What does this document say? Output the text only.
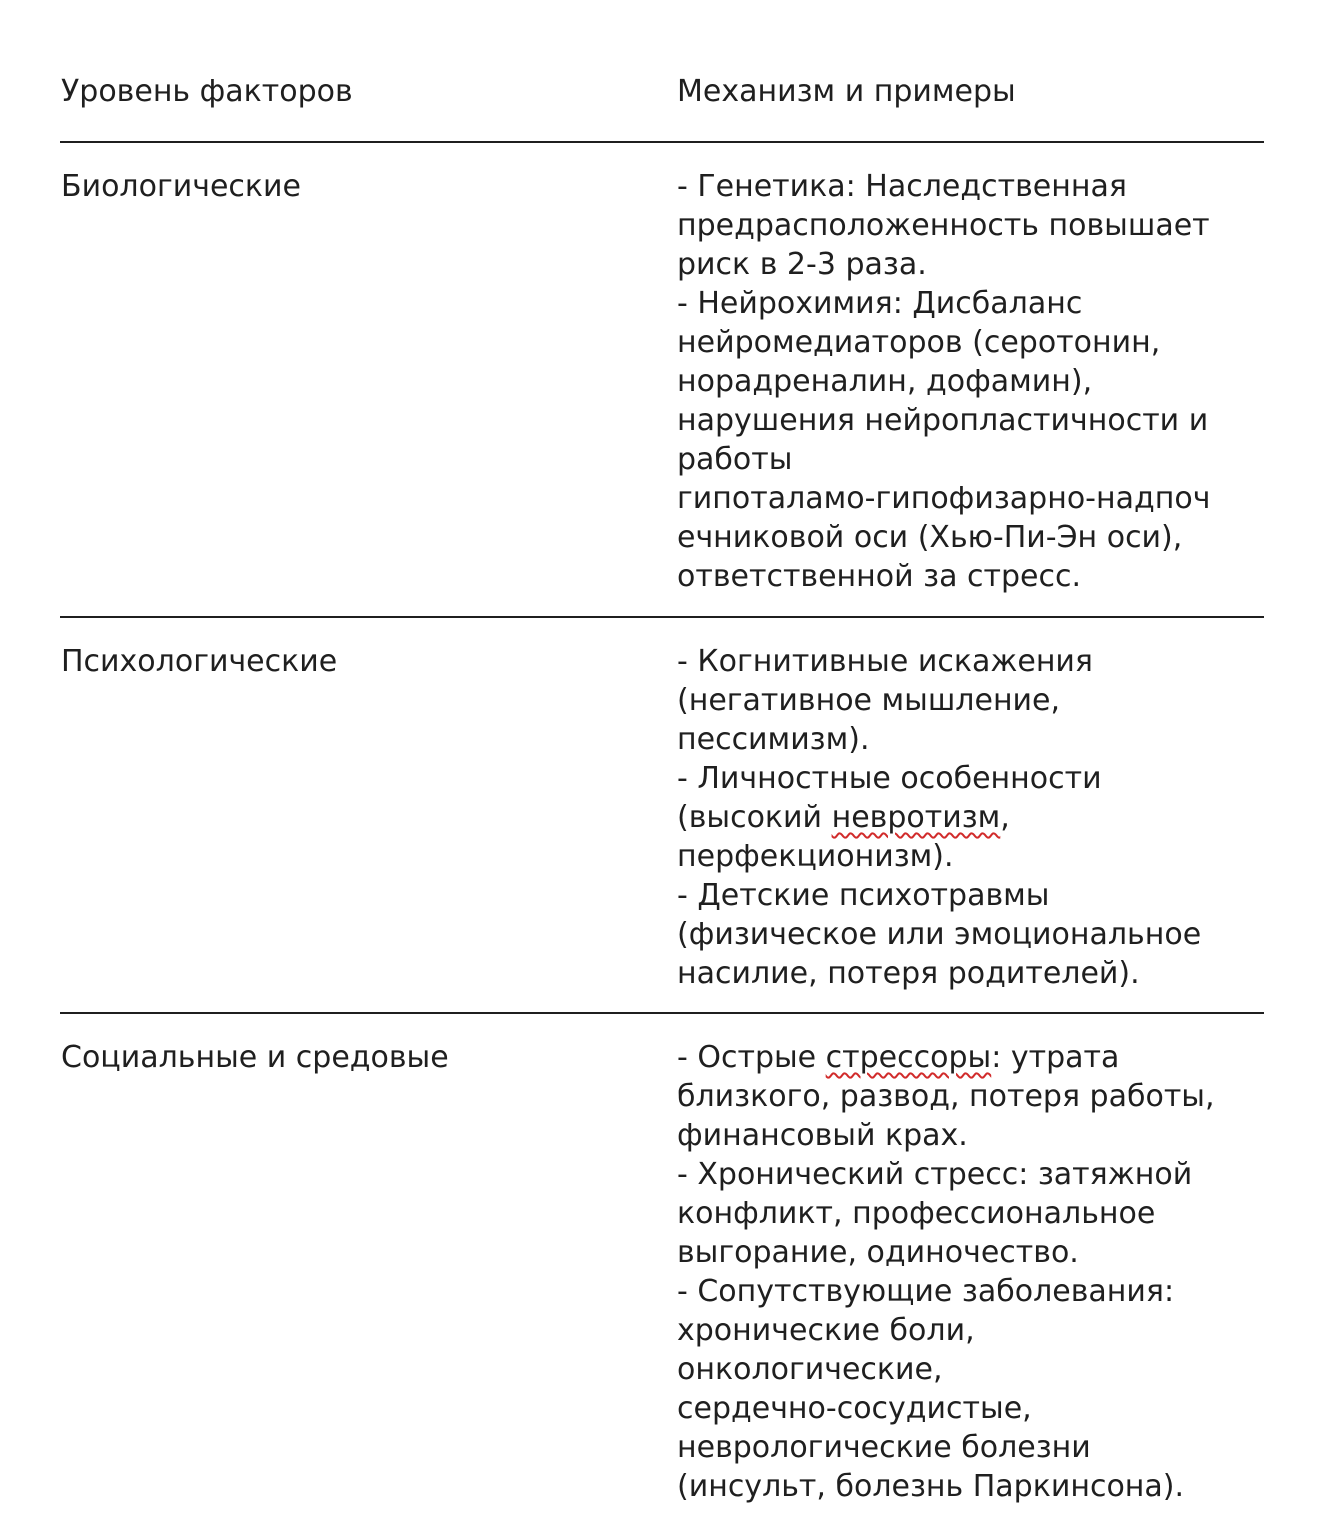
Уровень факторов	Механизм и примеры
Биологические	- Генетика: Наследственная
предрасположенность повышает
риск в 2-3 раза.
- Нейрохимия: Дисбаланс
нейромедиаторов (серотонин,
норадреналин, дофамин),
нарушения нейропластичности и
работы
гипоталамо-гипофизарно-надпоч
ечниковой оси (Хью-Пи-Эн оси),
ответственной за стресс.
Психологические	- Когнитивные искажения
(негативное мышление,
пессимизм).
- Личностные особенности
(высокий невротизм,
перфекционизм).
- Детские психотравмы
(физическое или эмоциональное
насилие, потеря родителей).
Социальные и средовые	- Острые стрессоры: утрата
близкого, развод, потеря работы,
финансовый крах.
- Хронический стресс: затяжной
конфликт, профессиональное
выгорание, одиночество.
- Сопутствующие заболевания:
хронические боли,
онкологические,
сердечно-сосудистые,
неврологические болезни
(инсульт, болезнь Паркинсона).
